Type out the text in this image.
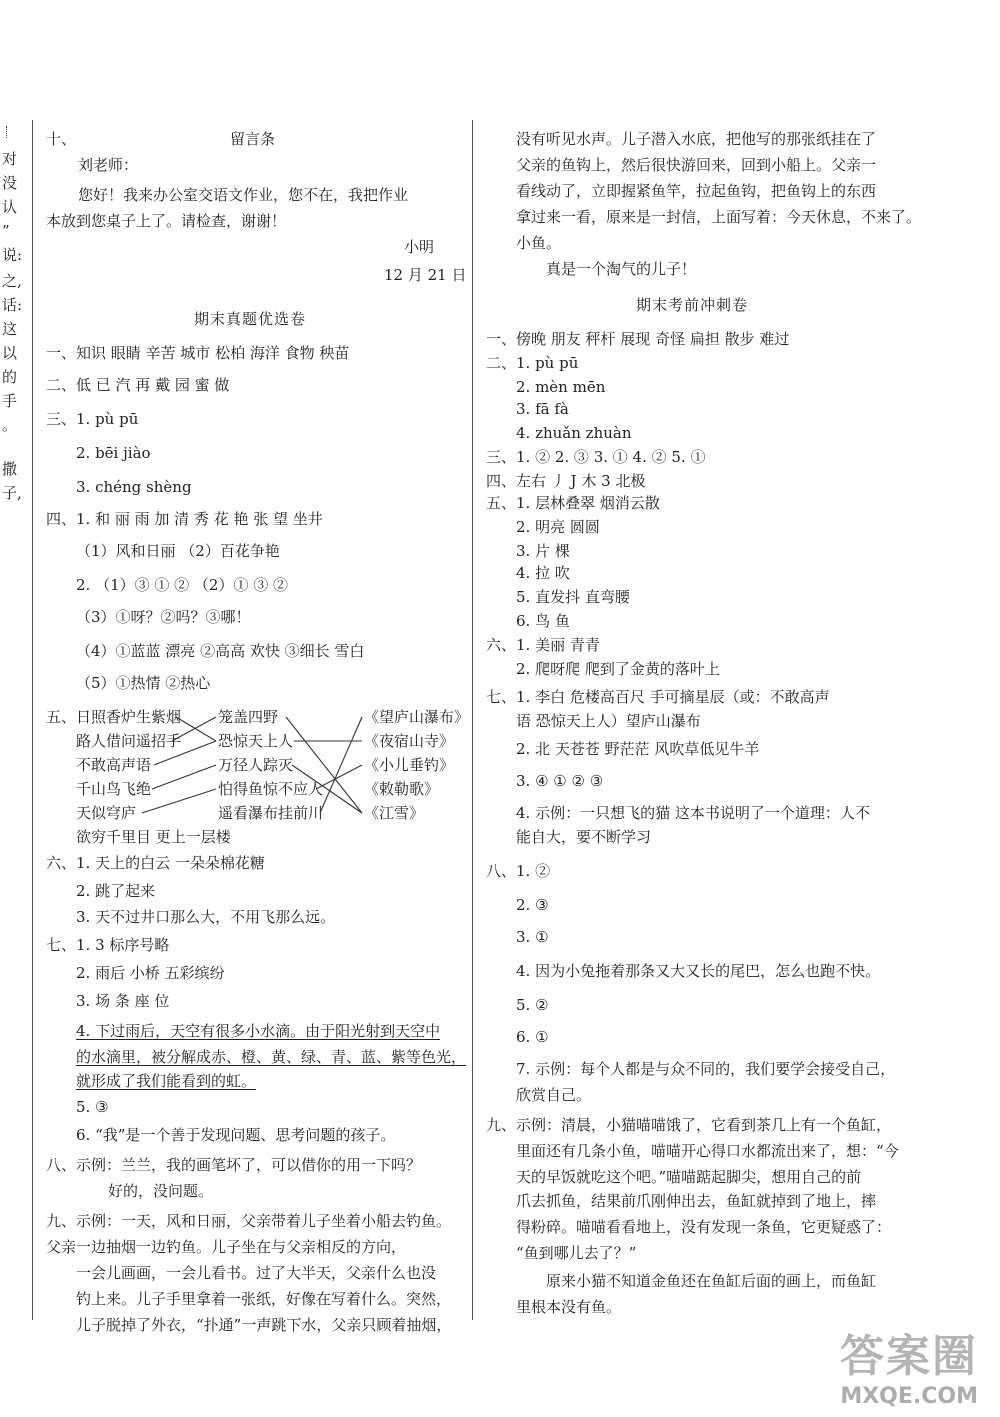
对
没
认
”
说:
之,
话:
这
以
的
手
。
撒
子,
十、	留言条
刘老师：
您好！我来办公室交语文作业，您不在，我把作业
本放到您桌子上了。请检查，谢谢！
小明
12 月 21 日
期末真题优选卷
一、知识 眼睛 辛苦 城市 松柏 海洋 食物 秧苗
二、低 已 汽 再 戴 园 蜜 做
三、1. pù pū
2. bēi jiào
3. chéng shèng
四、1. 和 丽 雨 加 清 秀 花 艳 张 望 坐井
（1）风和日丽 （2）百花争艳
2. （1）③ ① ② （2）① ③ ②
（3）①呀？②吗？③哪！
（4）①蓝蓝 漂亮 ②高高 欢快 ③细长 雪白
（5）①热情 ②热心
五、 日照香炉生紫烟
路人借问遥招手
不敢高声语
千山鸟飞绝
天似穹庐
笼盖四野
恐惊天上人
万径人踪灭
怕得鱼惊不应人
遥看瀑布挂前川
《望庐山瀑布》
《夜宿山寺》
《小儿垂钓》
《敕勒歌》
《江雪》
欲穷千里目 更上一层楼
六、1. 天上的白云 一朵朵棉花糖
2. 跳了起来
3. 天不过井口那么大，不用飞那么远。
七、1. 3 标序号略
2. 雨后 小桥 五彩缤纷
3. 场 条 座 位
4. 下过雨后，天空有很多小水滴。由于阳光射到天空中
的水滴里，被分解成赤、橙、黄、绿、青、蓝、紫等色光，
就形成了我们能看到的虹。
5. ③
6. “我”是一个善于发现问题、思考问题的孩子。
八、示例：兰兰，我的画笔坏了，可以借你的用一下吗？
好的，没问题。
九、示例：一天，风和日丽，父亲带着儿子坐着小船去钓鱼。
父亲一边抽烟一边钓鱼。儿子坐在与父亲相反的方向，
一会儿画画，一会儿看书。过了大半天，父亲什么也没
钓上来。儿子手里拿着一张纸，好像在写着什么。突然，
儿子脱掉了外衣，“扑通”一声跳下水，父亲只顾着抽烟，
没有听见水声。儿子潜入水底，把他写的那张纸挂在了
父亲的鱼钩上，然后很快游回来，回到小船上。父亲一
看线动了，立即握紧鱼竿，拉起鱼钩，把鱼钩上的东西
拿过来一看，原来是一封信，上面写着：今天休息，不来了。
小鱼。
真是一个淘气的儿子！
期末考前冲刺卷
一、傍晚 朋友 秤杆 展现 奇怪 扁担 散步 难过
二、1. pù pū
2. mèn mēn
3. fā fà
4. zhuǎn zhuàn
三、1. ② 2. ③ 3. ① 4. ② 5. ①
四、左右 丿 J 木 3 北极
五、1. 层林叠翠 烟消云散
2. 明亮 圆圆
3. 片 棵
4. 拉 吹
5. 直发抖 直弯腰
6. 鸟 鱼
六、1. 美丽 青青
2. 爬呀爬 爬到了金黄的落叶上
七、1. 李白 危楼高百尺 手可摘星辰（或：不敢高声
语 恐惊天上人）望庐山瀑布
2. 北 天苍苍 野茫茫 风吹草低见牛羊
3. ④ ① ② ③
4. 示例：一只想飞的猫 这本书说明了一个道理：人不
能自大，要不断学习
八、1. ②
2. ③
3. ①
4. 因为小兔拖着那条又大又长的尾巴，怎么也跑不快。
5. ②
6. ①
7. 示例：每个人都是与众不同的，我们要学会接受自己，
欣赏自己。
九、示例：清晨，小猫喵喵饿了，它看到茶几上有一个鱼缸，
里面还有几条小鱼，喵喵开心得口水都流出来了，想：“今
天的早饭就吃这个吧。”喵喵踮起脚尖，想用自己的前
爪去抓鱼，结果前爪刚伸出去，鱼缸就掉到了地上，摔
得粉碎。喵喵看看地上，没有发现一条鱼，它更疑惑了：
“鱼到哪儿去了？”
原来小猫不知道金鱼还在鱼缸后面的画上，而鱼缸
里根本没有鱼。
答案圈
MXQE.COM
